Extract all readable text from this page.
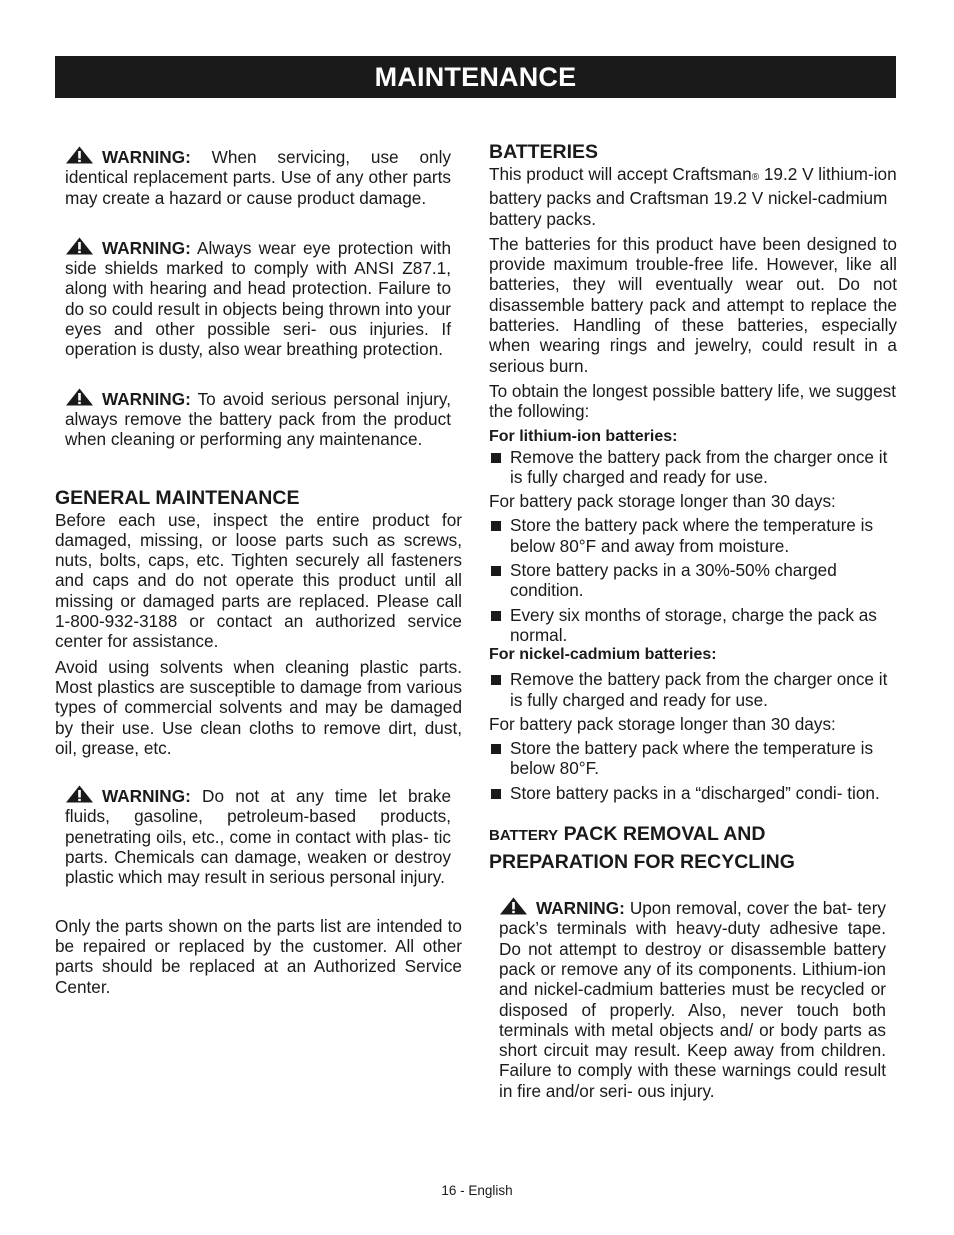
MAINTENANCE

WARNING: When servicing, use only identical replacement parts. Use of any other parts may create a hazard or cause product damage.

WARNING: Always wear eye protection with side shields marked to comply with ANSI Z87.1, along with hearing and head protection. Failure to do so could result in objects being thrown into your eyes and other possible seri- ous injuries. If operation is dusty, also wear breathing protection.

WARNING: To avoid serious personal injury, always remove the battery pack from the product when cleaning or performing any maintenance.

GENERAL MAINTENANCE

Before each use, inspect the entire product for damaged, missing, or loose parts such as screws, nuts, bolts, caps, etc. Tighten securely all fasteners and caps and do not operate this product until all missing or damaged parts are replaced. Please call 1-800-932-3188 or contact an authorized service center for assistance.

Avoid using solvents when cleaning plastic parts. Most plastics are susceptible to damage from various types of commercial solvents and may be damaged by their use. Use clean cloths to remove dirt, dust, oil, grease, etc.

WARNING: Do not at any time let brake fluids, gasoline, petroleum-based products, penetrating oils, etc., come in contact with plas- tic parts. Chemicals can damage, weaken or destroy plastic which may result in serious personal injury.

Only the parts shown on the parts list are intended to be repaired or replaced by the customer. All other parts should be replaced at an Authorized Service Center.

BATTERIES

This product will accept Craftsman® 19.2 V lithium-ion battery packs and Craftsman 19.2 V nickel-cadmium battery packs.

The batteries for this product have been designed to provide maximum trouble-free life. However, like all batteries, they will eventually wear out. Do not disassemble battery pack and attempt to replace the batteries. Handling of these batteries, especially when wearing rings and jewelry, could result in a serious burn.

To obtain the longest possible battery life, we suggest the following:

For lithium-ion batteries:

Remove the battery pack from the charger once it is fully charged and ready for use.

For battery pack storage longer than 30 days:

Store the battery pack where the temperature is below 80°F and away from moisture.
Store battery packs in a 30%-50% charged condition.
Every six months of storage, charge the pack as normal.

For nickel-cadmium batteries:

Remove the battery pack from the charger once it is fully charged and ready for use.

For battery pack storage longer than 30 days:

Store the battery pack where the temperature is below 80°F.
Store battery packs in a “discharged” condi- tion.
BATTERY PACK REMOVAL AND PREPARATION FOR RECYCLING

WARNING: Upon removal, cover the bat- tery pack’s terminals with heavy-duty adhesive tape. Do not attempt to destroy or disassemble battery pack or remove any of its components. Lithium-ion and nickel-cadmium batteries must be recycled or disposed of properly. Also, never touch both terminals with metal objects and/ or body parts as short circuit may result. Keep away from children. Failure to comply with these warnings could result in fire and/or seri- ous injury.

16 - English
